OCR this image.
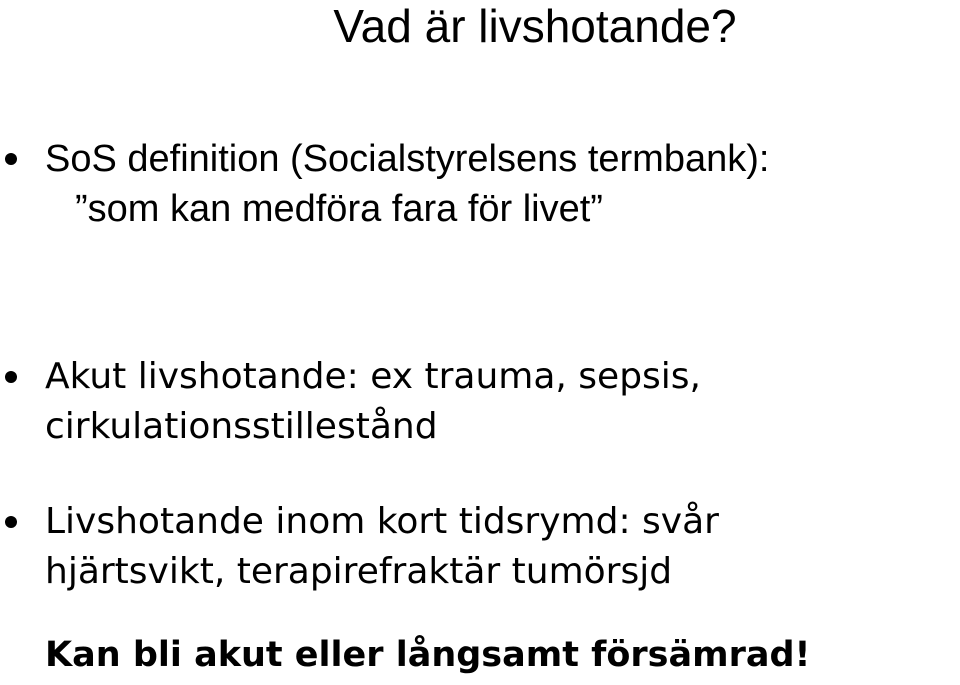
Vad är livshotande?
SoS definition (Socialstyrelsens termbank):
”som kan medföra fara för livet”
Akut livshotande: ex trauma, sepsis,
cirkulationsstillestånd
Livshotande inom kort tidsrymd: svår
hjärtsvikt, terapirefraktär tumörsjd
Kan bli akut eller långsamt försämrad!
